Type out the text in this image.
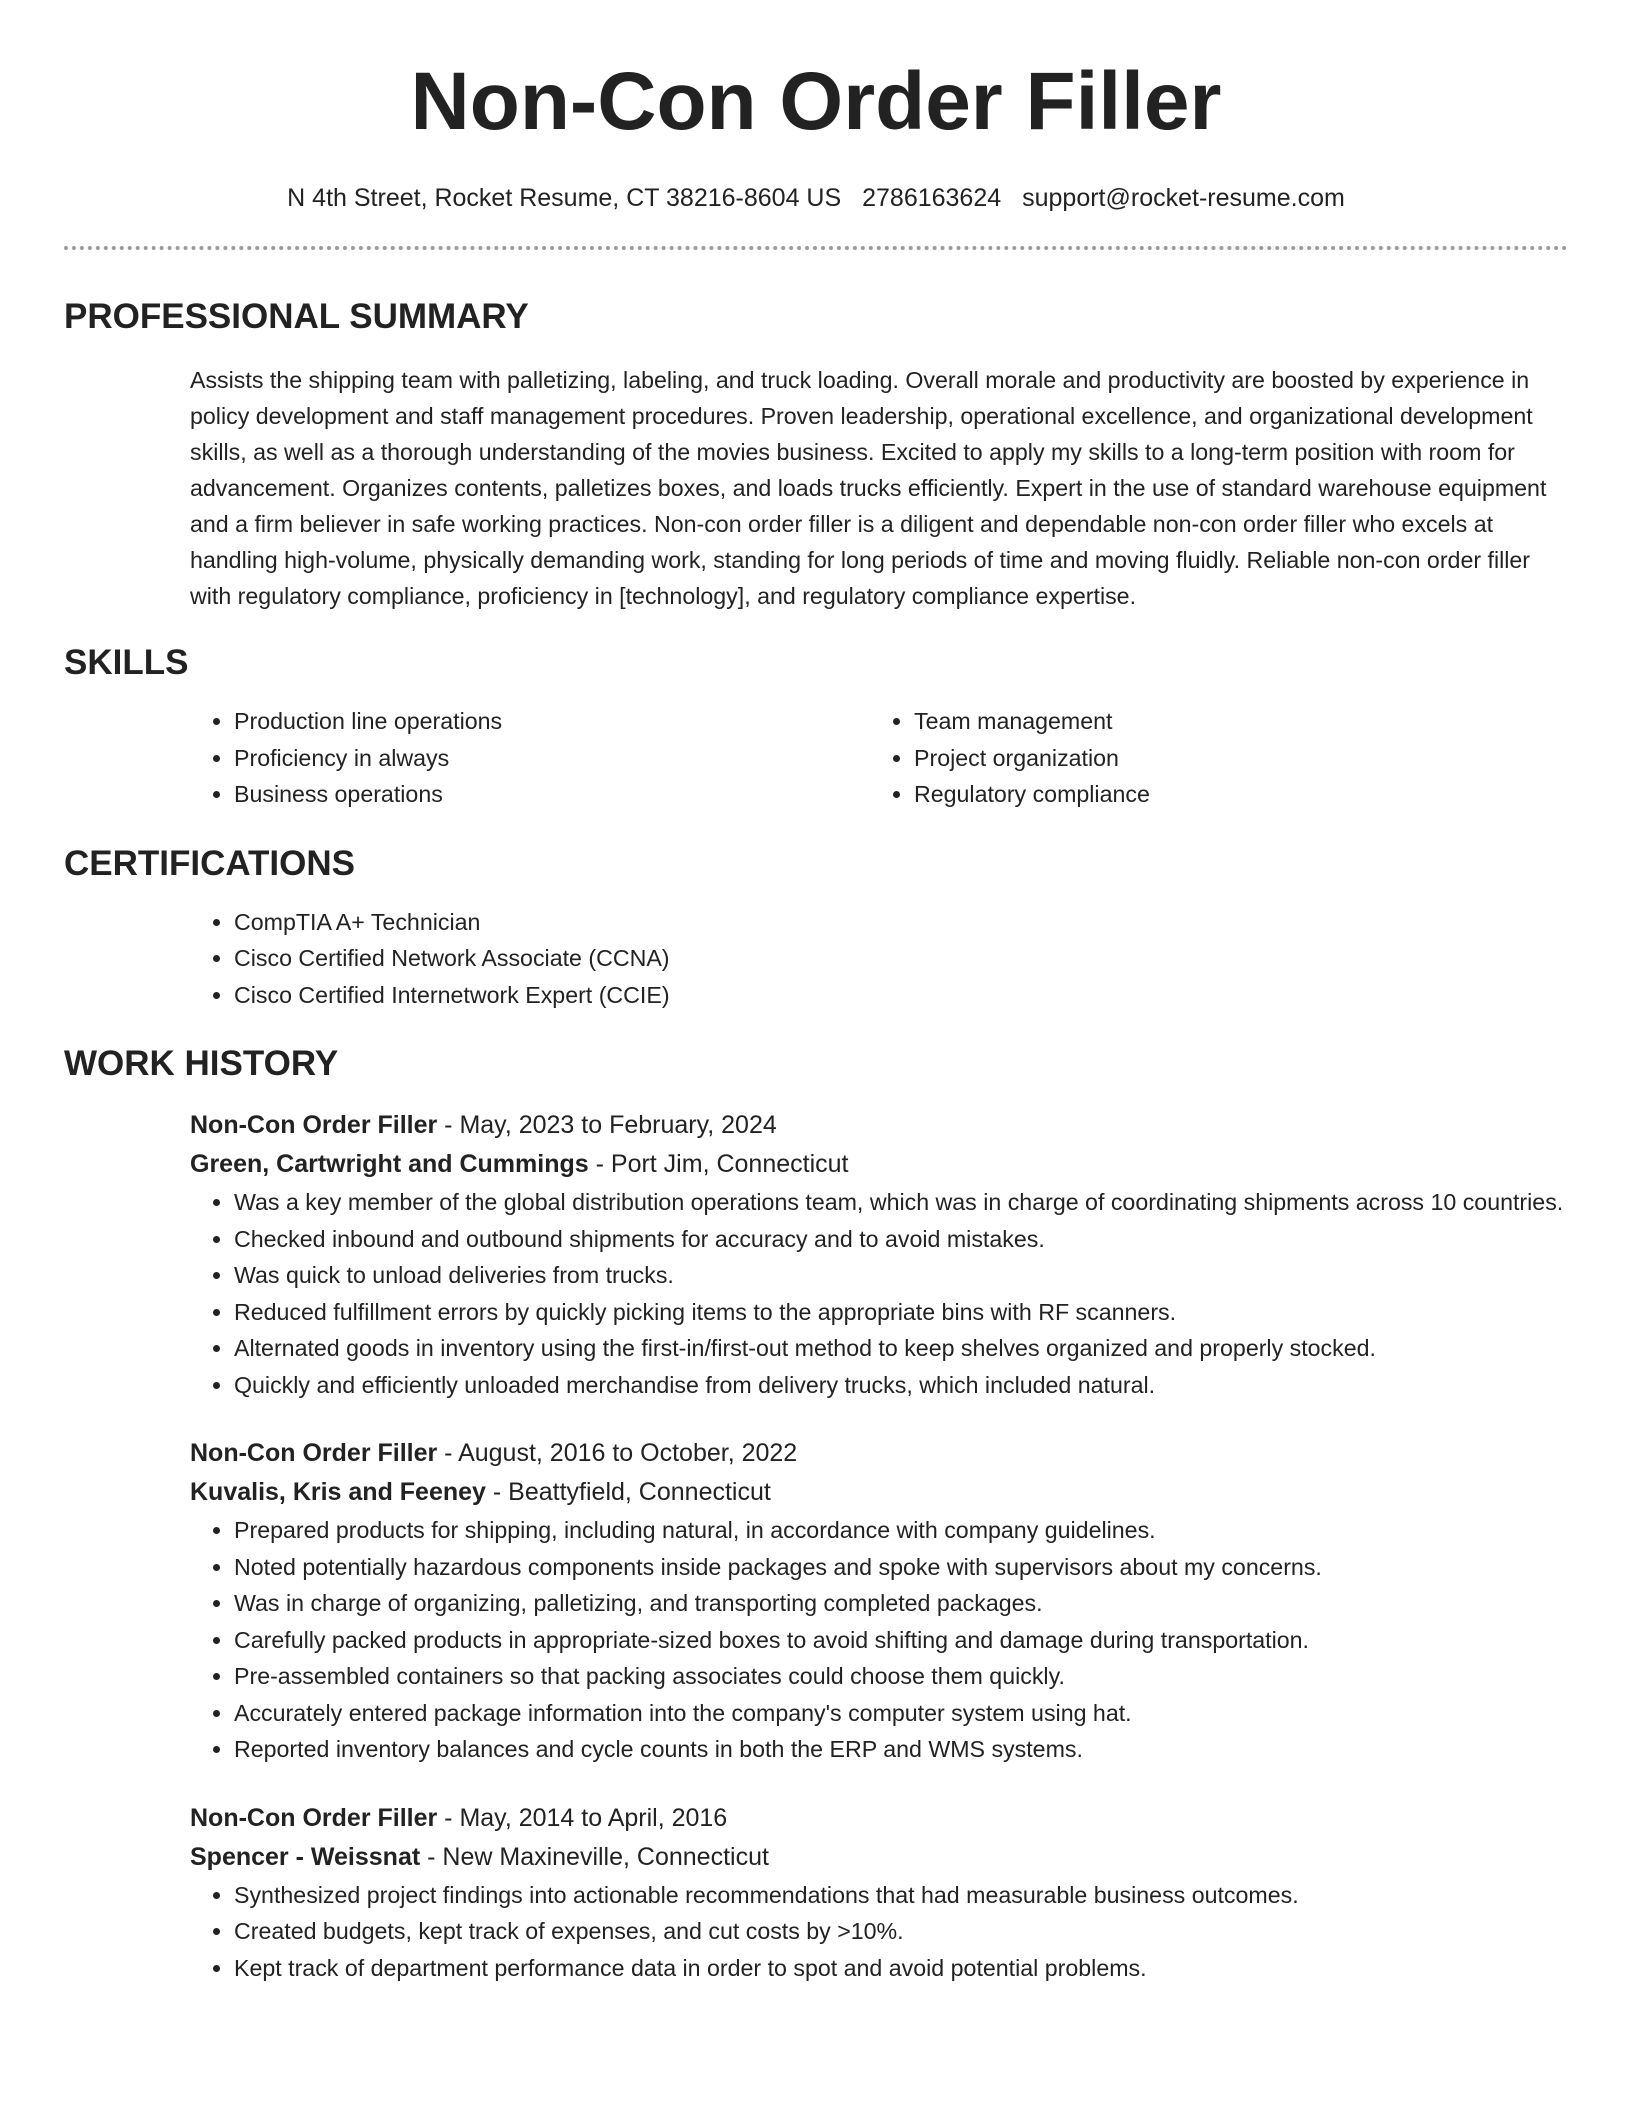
Non-Con Order Filler
N 4th Street, Rocket Resume, CT 38216-8604 US 2786163624 support@rocket-resume.com
PROFESSIONAL SUMMARY

Assists the shipping team with palletizing, labeling, and truck loading. Overall morale and productivity are boosted by experience in policy development and staff management procedures. Proven leadership, operational excellence, and organizational development skills, as well as a thorough understanding of the movies business. Excited to apply my skills to a long-term position with room for advancement. Organizes contents, palletizes boxes, and loads trucks efficiently. Expert in the use of standard warehouse equipment and a firm believer in safe working practices. Non-con order filler is a diligent and dependable non-con order filler who excels at handling high-volume, physically demanding work, standing for long periods of time and moving fluidly. Reliable non-con order filler with regulatory compliance, proficiency in [technology], and regulatory compliance expertise.

SKILLS
• Production line operations
• Proficiency in always
• Business operations
• Team management
• Project organization
• Regulatory compliance
CERTIFICATIONS
• CompTIA A+ Technician
• Cisco Certified Network Associate (CCNA)
• Cisco Certified Internetwork Expert (CCIE)
WORK HISTORY
Non-Con Order Filler - May, 2023 to February, 2024
Green, Cartwright and Cummings - Port Jim, Connecticut
• Was a key member of the global distribution operations team, which was in charge of coordinating shipments across 10 countries.
• Checked inbound and outbound shipments for accuracy and to avoid mistakes.
• Was quick to unload deliveries from trucks.
• Reduced fulfillment errors by quickly picking items to the appropriate bins with RF scanners.
• Alternated goods in inventory using the first-in/first-out method to keep shelves organized and properly stocked.
• Quickly and efficiently unloaded merchandise from delivery trucks, which included natural.
Non-Con Order Filler - August, 2016 to October, 2022
Kuvalis, Kris and Feeney - Beattyfield, Connecticut
• Prepared products for shipping, including natural, in accordance with company guidelines.
• Noted potentially hazardous components inside packages and spoke with supervisors about my concerns.
• Was in charge of organizing, palletizing, and transporting completed packages.
• Carefully packed products in appropriate-sized boxes to avoid shifting and damage during transportation.
• Pre-assembled containers so that packing associates could choose them quickly.
• Accurately entered package information into the company's computer system using hat.
• Reported inventory balances and cycle counts in both the ERP and WMS systems.
Non-Con Order Filler - May, 2014 to April, 2016
Spencer - Weissnat - New Maxineville, Connecticut
• Synthesized project findings into actionable recommendations that had measurable business outcomes.
• Created budgets, kept track of expenses, and cut costs by >10%.
• Kept track of department performance data in order to spot and avoid potential problems.
